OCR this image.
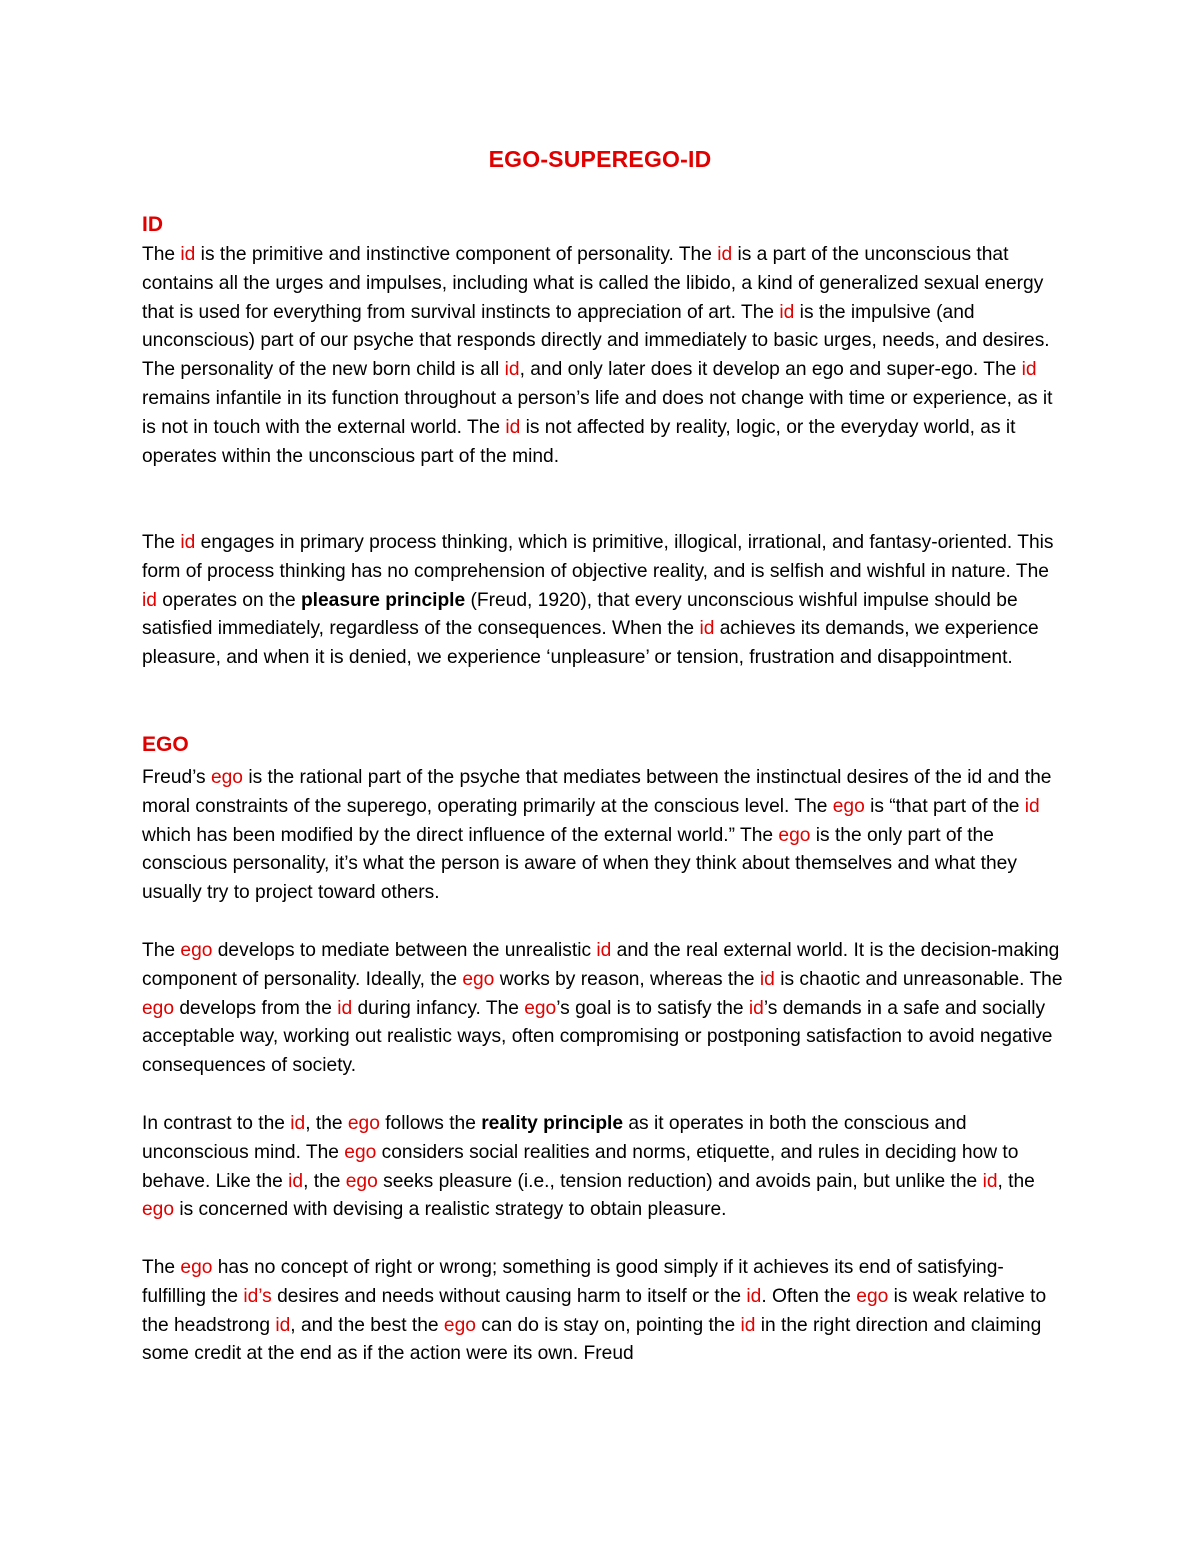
EGO-SUPEREGO-ID
ID
The id is the primitive and instinctive component of personality. The id is a part of the unconscious that contains all the urges and impulses, including what is called the libido, a kind of generalized sexual energy that is used for everything from survival instincts to appreciation of art. The id is the impulsive (and unconscious) part of our psyche that responds directly and immediately to basic urges, needs, and desires. The personality of the new born child is all id, and only later does it develop an ego and super-ego. The id remains infantile in its function throughout a person’s life and does not change with time or experience, as it is not in touch with the external world. The id is not affected by reality, logic, or the everyday world, as it operates within the unconscious part of the mind.
The id engages in primary process thinking, which is primitive, illogical, irrational, and fantasy-oriented. This form of process thinking has no comprehension of objective reality, and is selfish and wishful in nature. The id operates on the pleasure principle (Freud, 1920), that every unconscious wishful impulse should be satisfied immediately, regardless of the consequences. When the id achieves its demands, we experience pleasure, and when it is denied, we experience ‘unpleasure’ or tension, frustration and disappointment.
EGO
Freud’s ego is the rational part of the psyche that mediates between the instinctual desires of the id and the moral constraints of the superego, operating primarily at the conscious level. The ego is “that part of the id which has been modified by the direct influence of the external world.” The ego is the only part of the conscious personality, it’s what the person is aware of when they think about themselves and what they usually try to project toward others.
The ego develops to mediate between the unrealistic id and the real external world. It is the decision-making component of personality. Ideally, the ego works by reason, whereas the id is chaotic and unreasonable. The ego develops from the id during infancy. The ego’s goal is to satisfy the id’s demands in a safe and socially acceptable way, working out realistic ways, often compromising or postponing satisfaction to avoid negative consequences of society.
In contrast to the id, the ego follows the reality principle as it operates in both the conscious and unconscious mind. The ego considers social realities and norms, etiquette, and rules in deciding how to behave. Like the id, the ego seeks pleasure (i.e., tension reduction) and avoids pain, but unlike the id, the ego is concerned with devising a realistic strategy to obtain pleasure.
The ego has no concept of right or wrong; something is good simply if it achieves its end of satisfying- fulfilling the id’s desires and needs without causing harm to itself or the id. Often the ego is weak relative to the headstrong id, and the best the ego can do is stay on, pointing the id in the right direction and claiming some credit at the end as if the action were its own. Freud
